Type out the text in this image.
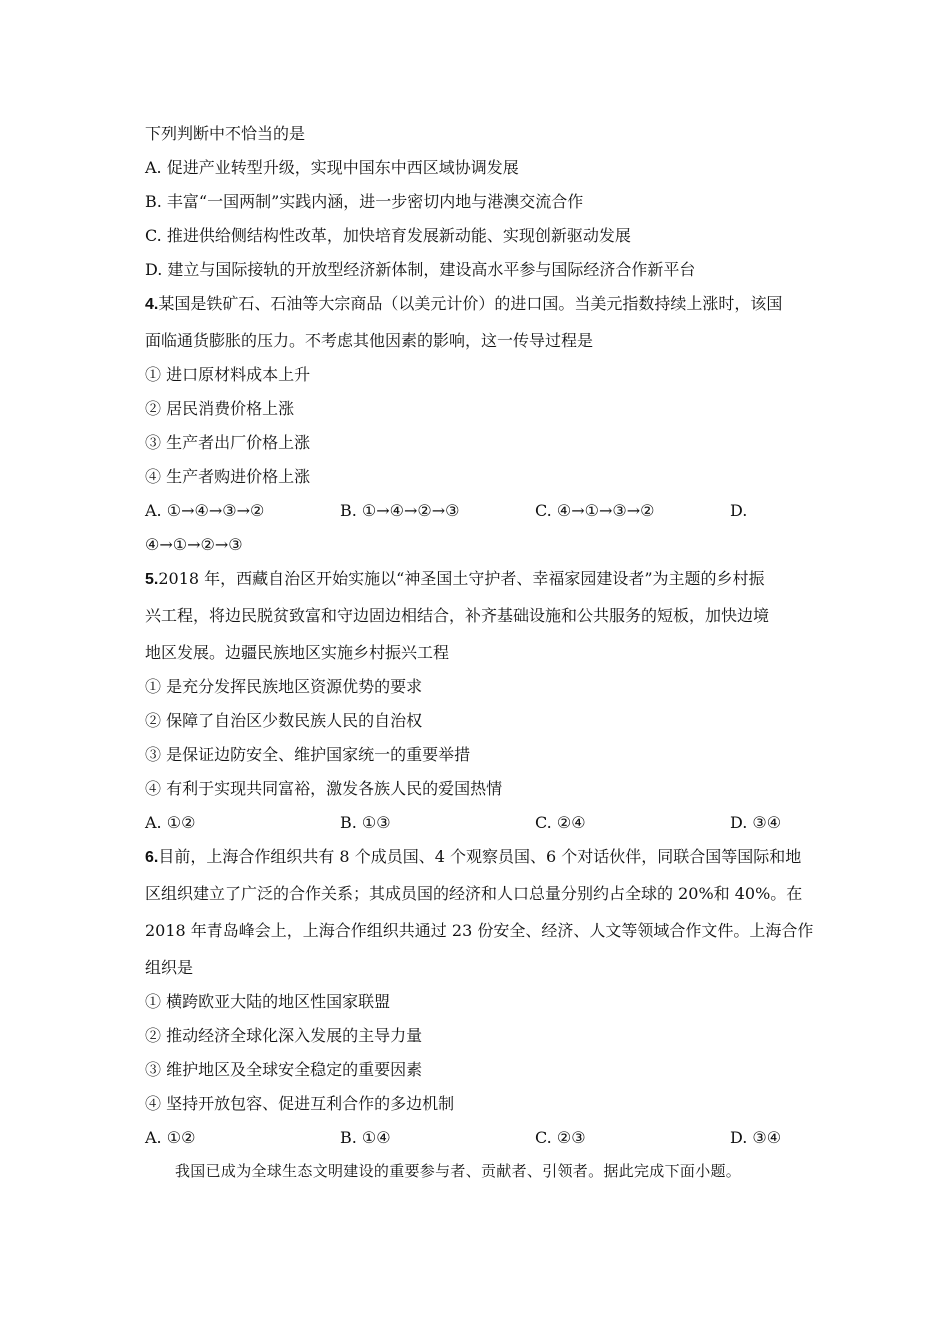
下列判断中不恰当的是
A. 促进产业转型升级，实现中国东中西区域协调发展
B. 丰富“一国两制”实践内涵，进一步密切内地与港澳交流合作
C. 推进供给侧结构性改革，加快培育发展新动能、实现创新驱动发展
D. 建立与国际接轨的开放型经济新体制，建设高水平参与国际经济合作新平台
4.某国是铁矿石、石油等大宗商品（以美元计价）的进口国。当美元指数持续上涨时，该国
面临通货膨胀的压力。不考虑其他因素的影响，这一传导过程是
① 进口原材料成本上升
② 居民消费价格上涨
③ 生产者出厂价格上涨
④ 生产者购进价格上涨
A. ①→④→③→②	B. ①→④→②→③	C. ④→①→③→②	D.
④→①→②→③
5.2018 年，西藏自治区开始实施以“神圣国土守护者、幸福家园建设者”为主题的乡村振
兴工程，将边民脱贫致富和守边固边相结合，补齐基础设施和公共服务的短板，加快边境
地区发展。边疆民族地区实施乡村振兴工程
① 是充分发挥民族地区资源优势的要求
② 保障了自治区少数民族人民的自治权
③ 是保证边防安全、维护国家统一的重要举措
④ 有利于实现共同富裕，激发各族人民的爱国热情
A. ①②	B. ①③	C. ②④	D. ③④
6.目前，上海合作组织共有 8 个成员国、4 个观察员国、6 个对话伙伴，同联合国等国际和地
区组织建立了广泛的合作关系；其成员国的经济和人口总量分别约占全球的 20%和 40%。在
2018 年青岛峰会上，上海合作组织共通过 23 份安全、经济、人文等领域合作文件。上海合作
组织是
① 横跨欧亚大陆的地区性国家联盟
② 推动经济全球化深入发展的主导力量
③ 维护地区及全球安全稳定的重要因素
④ 坚持开放包容、促进互利合作的多边机制
A. ①②	B. ①④	C. ②③	D. ③④
我国已成为全球生态文明建设的重要参与者、贡献者、引领者。据此完成下面小题。
